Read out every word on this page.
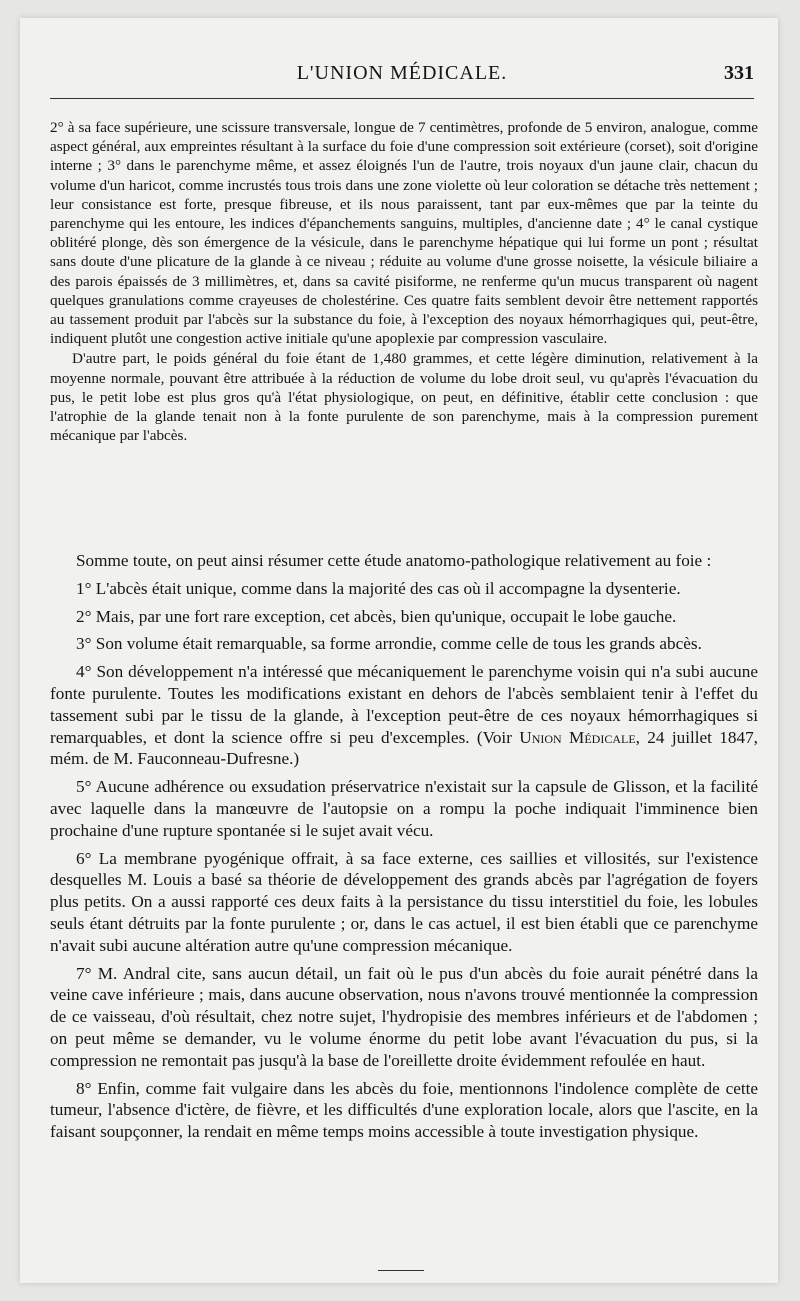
L'UNION MÉDICALE.	331

2° à sa face supérieure, une scissure transversale, longue de 7 centimètres, profonde de 5 environ, analogue, comme aspect général, aux empreintes résultant à la surface du foie d'une compression soit extérieure (corset), soit d'origine interne ; 3° dans le parenchyme même, et assez éloignés l'un de l'autre, trois noyaux d'un jaune clair, chacun du volume d'un haricot, comme incrustés tous trois dans une zone violette où leur coloration se détache très nettement ; leur consistance est forte, presque fibreuse, et ils nous paraissent, tant par eux-mêmes que par la teinte du parenchyme qui les entoure, les indices d'épanchements sanguins, multiples, d'ancienne date ; 4° le canal cystique oblitéré plonge, dès son émergence de la vésicule, dans le parenchyme hépatique qui lui forme un pont ; résultat sans doute d'une plicature de la glande à ce niveau ; réduite au volume d'une grosse noisette, la vésicule biliaire a des parois épaissés de 3 millimètres, et, dans sa cavité pisiforme, ne renferme qu'un mucus transparent où nagent quelques granulations comme crayeuses de cholestérine. Ces quatre faits semblent devoir être nettement rapportés au tassement produit par l'abcès sur la substance du foie, à l'exception des noyaux hémorrhagiques qui, peut-être, indiquent plutôt une congestion active initiale qu'une apoplexie par compression vasculaire.

D'autre part, le poids général du foie étant de 1,480 grammes, et cette légère diminution, relativement à la moyenne normale, pouvant être attribuée à la réduction de volume du lobe droit seul, vu qu'après l'évacuation du pus, le petit lobe est plus gros qu'à l'état physiologique, on peut, en définitive, établir cette conclusion : que l'atrophie de la glande tenait non à la fonte purulente de son parenchyme, mais à la compression purement mécanique par l'abcès.

Somme toute, on peut ainsi résumer cette étude anatomo-pathologique relativement au foie :

1° L'abcès était unique, comme dans la majorité des cas où il accompagne la dysenterie.

2° Mais, par une fort rare exception, cet abcès, bien qu'unique, occupait le lobe gauche.

3° Son volume était remarquable, sa forme arrondie, comme celle de tous les grands abcès.

4° Son développement n'a intéressé que mécaniquement le parenchyme voisin qui n'a subi aucune fonte purulente. Toutes les modifications existant en dehors de l'abcès semblaient tenir à l'effet du tassement subi par le tissu de la glande, à l'exception peut-être de ces noyaux hémorrhagiques si remarquables, et dont la science offre si peu d'excemples. (Voir Union Médicale, 24 juillet 1847, mém. de M. Fauconneau-Dufresne.)

5° Aucune adhérence ou exsudation préservatrice n'existait sur la capsule de Glisson, et la facilité avec laquelle dans la manœuvre de l'autopsie on a rompu la poche indiquait l'imminence bien prochaine d'une rupture spontanée si le sujet avait vécu.

6° La membrane pyogénique offrait, à sa face externe, ces saillies et villosités, sur l'existence desquelles M. Louis a basé sa théorie de développement des grands abcès par l'agrégation de foyers plus petits. On a aussi rapporté ces deux faits à la persistance du tissu interstitiel du foie, les lobules seuls étant détruits par la fonte purulente ; or, dans le cas actuel, il est bien établi que ce parenchyme n'avait subi aucune altération autre qu'une compression mécanique.

7° M. Andral cite, sans aucun détail, un fait où le pus d'un abcès du foie aurait pénétré dans la veine cave inférieure ; mais, dans aucune observation, nous n'avons trouvé mentionnée la compression de ce vaisseau, d'où résultait, chez notre sujet, l'hydropisie des membres inférieurs et de l'abdomen ; on peut même se demander, vu le volume énorme du petit lobe avant l'évacuation du pus, si la compression ne remontait pas jusqu'à la base de l'oreillette droite évidemment refoulée en haut.

8° Enfin, comme fait vulgaire dans les abcès du foie, mentionnons l'indolence complète de cette tumeur, l'absence d'ictère, de fièvre, et les difficultés d'une exploration locale, alors que l'ascite, en la faisant soupçonner, la rendait en même temps moins accessible à toute investigation physique.
